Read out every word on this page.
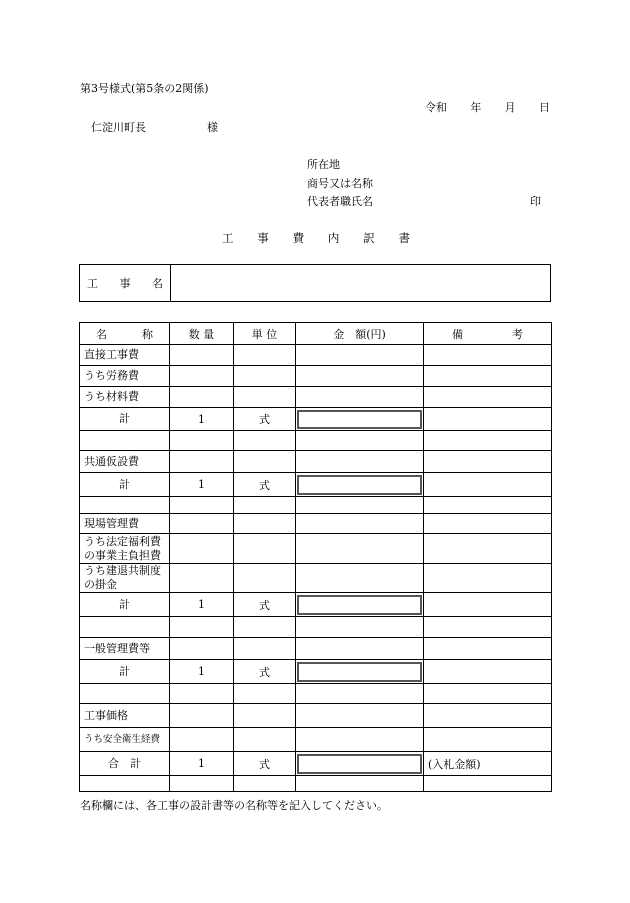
第3号様式(第5条の2関係)
令和 年 月 日
仁淀川町長	様
所在地
商号又は名称
代表者職氏名	印
工 事 費 内 訳 書
工 事 名
名 称	数 量	単 位	金　額(円)	備 考

直接工事費				
うち労務費				
うち材料費				
計	1	式	

共通仮設費				
計	1	式	

現場管理費				
うち法定福利費の事業主負担費				
うち建退共制度の掛金				
計	1	式	

一般管理費等				
計	1	式	

工事価格				
うち安全衛生経費				
合　計	1	式		(入札金額)

名称欄には、各工事の設計書等の名称等を記入してください。
